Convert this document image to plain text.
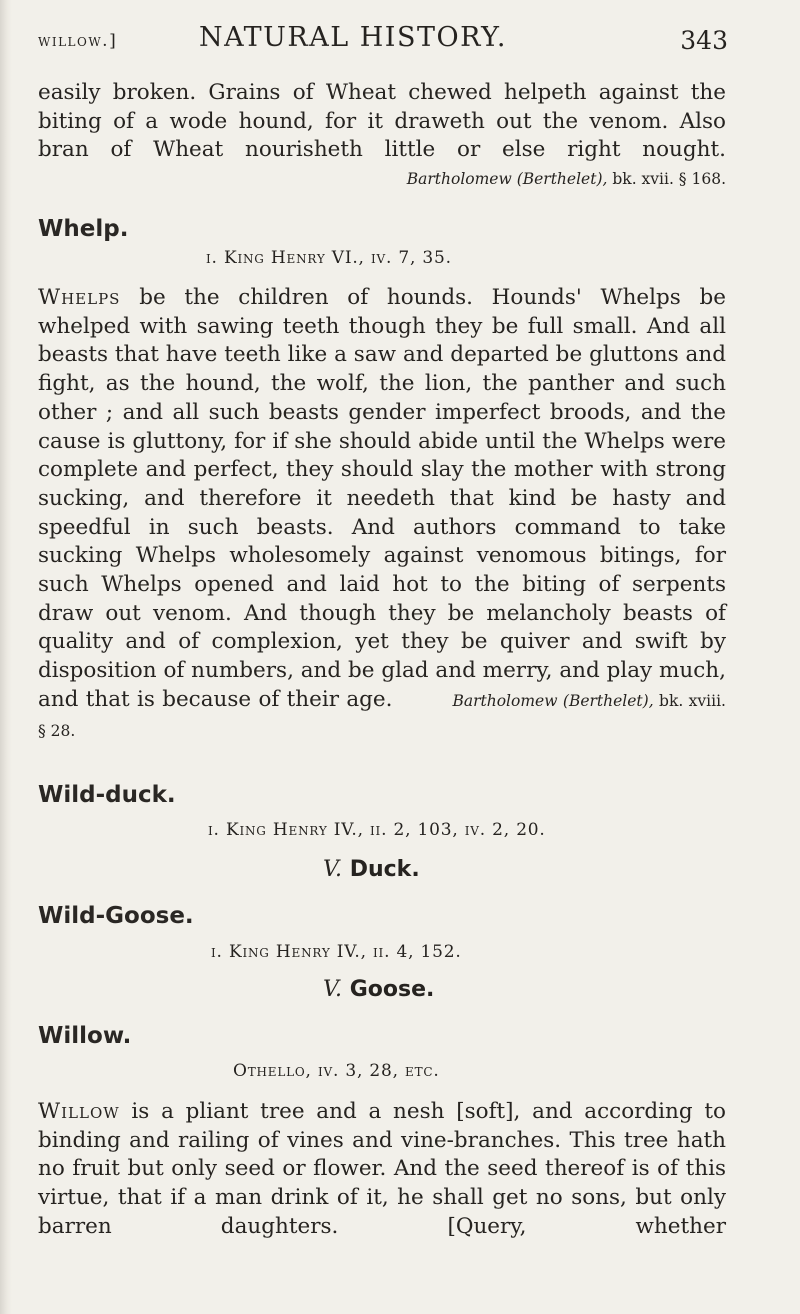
willow.]	NATURAL HISTORY.	343
easily broken. Grains of Wheat chewed helpeth against the biting of a wode hound, for it draweth out the venom. Also bran of Wheat nourisheth little or else right nought.
Bartholomew (Berthelet), bk. xvii. § 168.
Whelp.
i. King Henry VI., iv. 7, 35.
Whelps be the children of hounds. Hounds' Whelps be whelped with sawing teeth though they be full small. And all beasts that have teeth like a saw and departed be gluttons and fight, as the hound, the wolf, the lion, the panther and such other ; and all such beasts gender imperfect broods, and the cause is gluttony, for if she should abide until the Whelps were complete and perfect, they should slay the mother with strong sucking, and therefore it needeth that kind be hasty and speedful in such beasts. And authors command to take sucking Whelps wholesomely against venomous bitings, for such Whelps opened and laid hot to the biting of serpents draw out venom. And though they be melancholy beasts of quality and of complexion, yet they be quiver and swift by disposition of numbers, and be glad and merry, and play much, and that is because of their age.	Bartholomew (Berthelet), bk. xviii. § 28.
Wild-duck.
i. King Henry IV., ii. 2, 103, iv. 2, 20.
V. Duck.
Wild-Goose.
i. King Henry IV., ii. 4, 152.
V. Goose.
Willow.
Othello, iv. 3, 28, etc.
Willow is a pliant tree and a nesh [soft], and according to binding and railing of vines and vine-branches. This tree hath no fruit but only seed or flower. And the seed thereof is of this virtue, that if a man drink of it, he shall get no sons, but only barren daughters. [Query, whether
